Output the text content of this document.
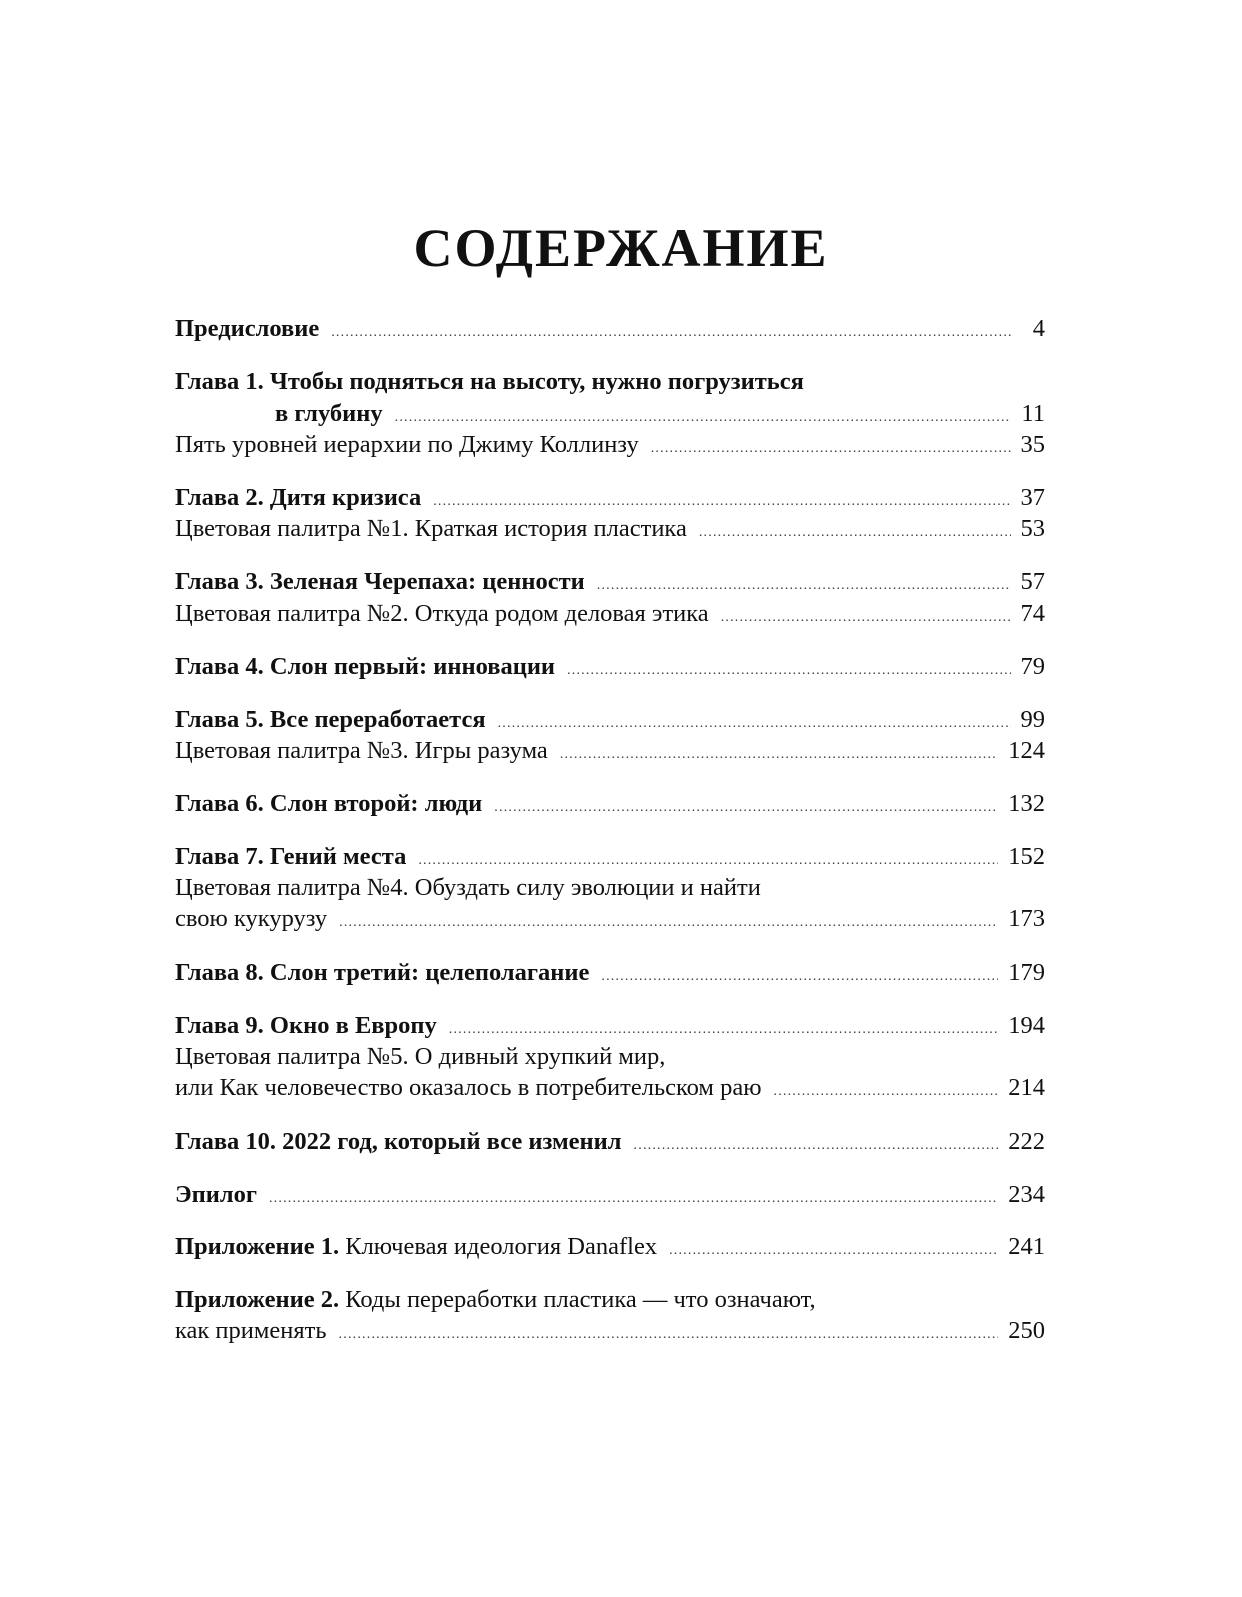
СОДЕРЖАНИЕ
Предисловие .....	4
Глава 1. Чтобы подняться на высоту, нужно погрузиться
в глубину .....	11
Пять уровней иерархии по Джиму Коллинзу .....	35
Глава 2. Дитя кризиса .....	37
Цветовая палитра №1. Краткая история пластика .....	53
Глава 3. Зеленая Черепаха: ценности .....	57
Цветовая палитра №2. Откуда родом деловая этика .....	74
Глава 4. Слон первый: инновации .....	79
Глава 5. Все переработается .....	99
Цветовая палитра №3. Игры разума .....	124
Глава 6. Слон второй: люди .....	132
Глава 7. Гений места .....	152
Цветовая палитра №4. Обуздать силу эволюции и найти
свою кукурузу .....	173
Глава 8. Слон третий: целеполагание .....	179
Глава 9. Окно в Европу .....	194
Цветовая палитра №5. О дивный хрупкий мир,
или Как человечество оказалось в потребительском раю .....	214
Глава 10. 2022 год, который все изменил .....	222
Эпилог .....	234
Приложение 1. Ключевая идеология Danaflex .....	241
Приложение 2. Коды переработки пластика — что означают,
как применять .....	250
